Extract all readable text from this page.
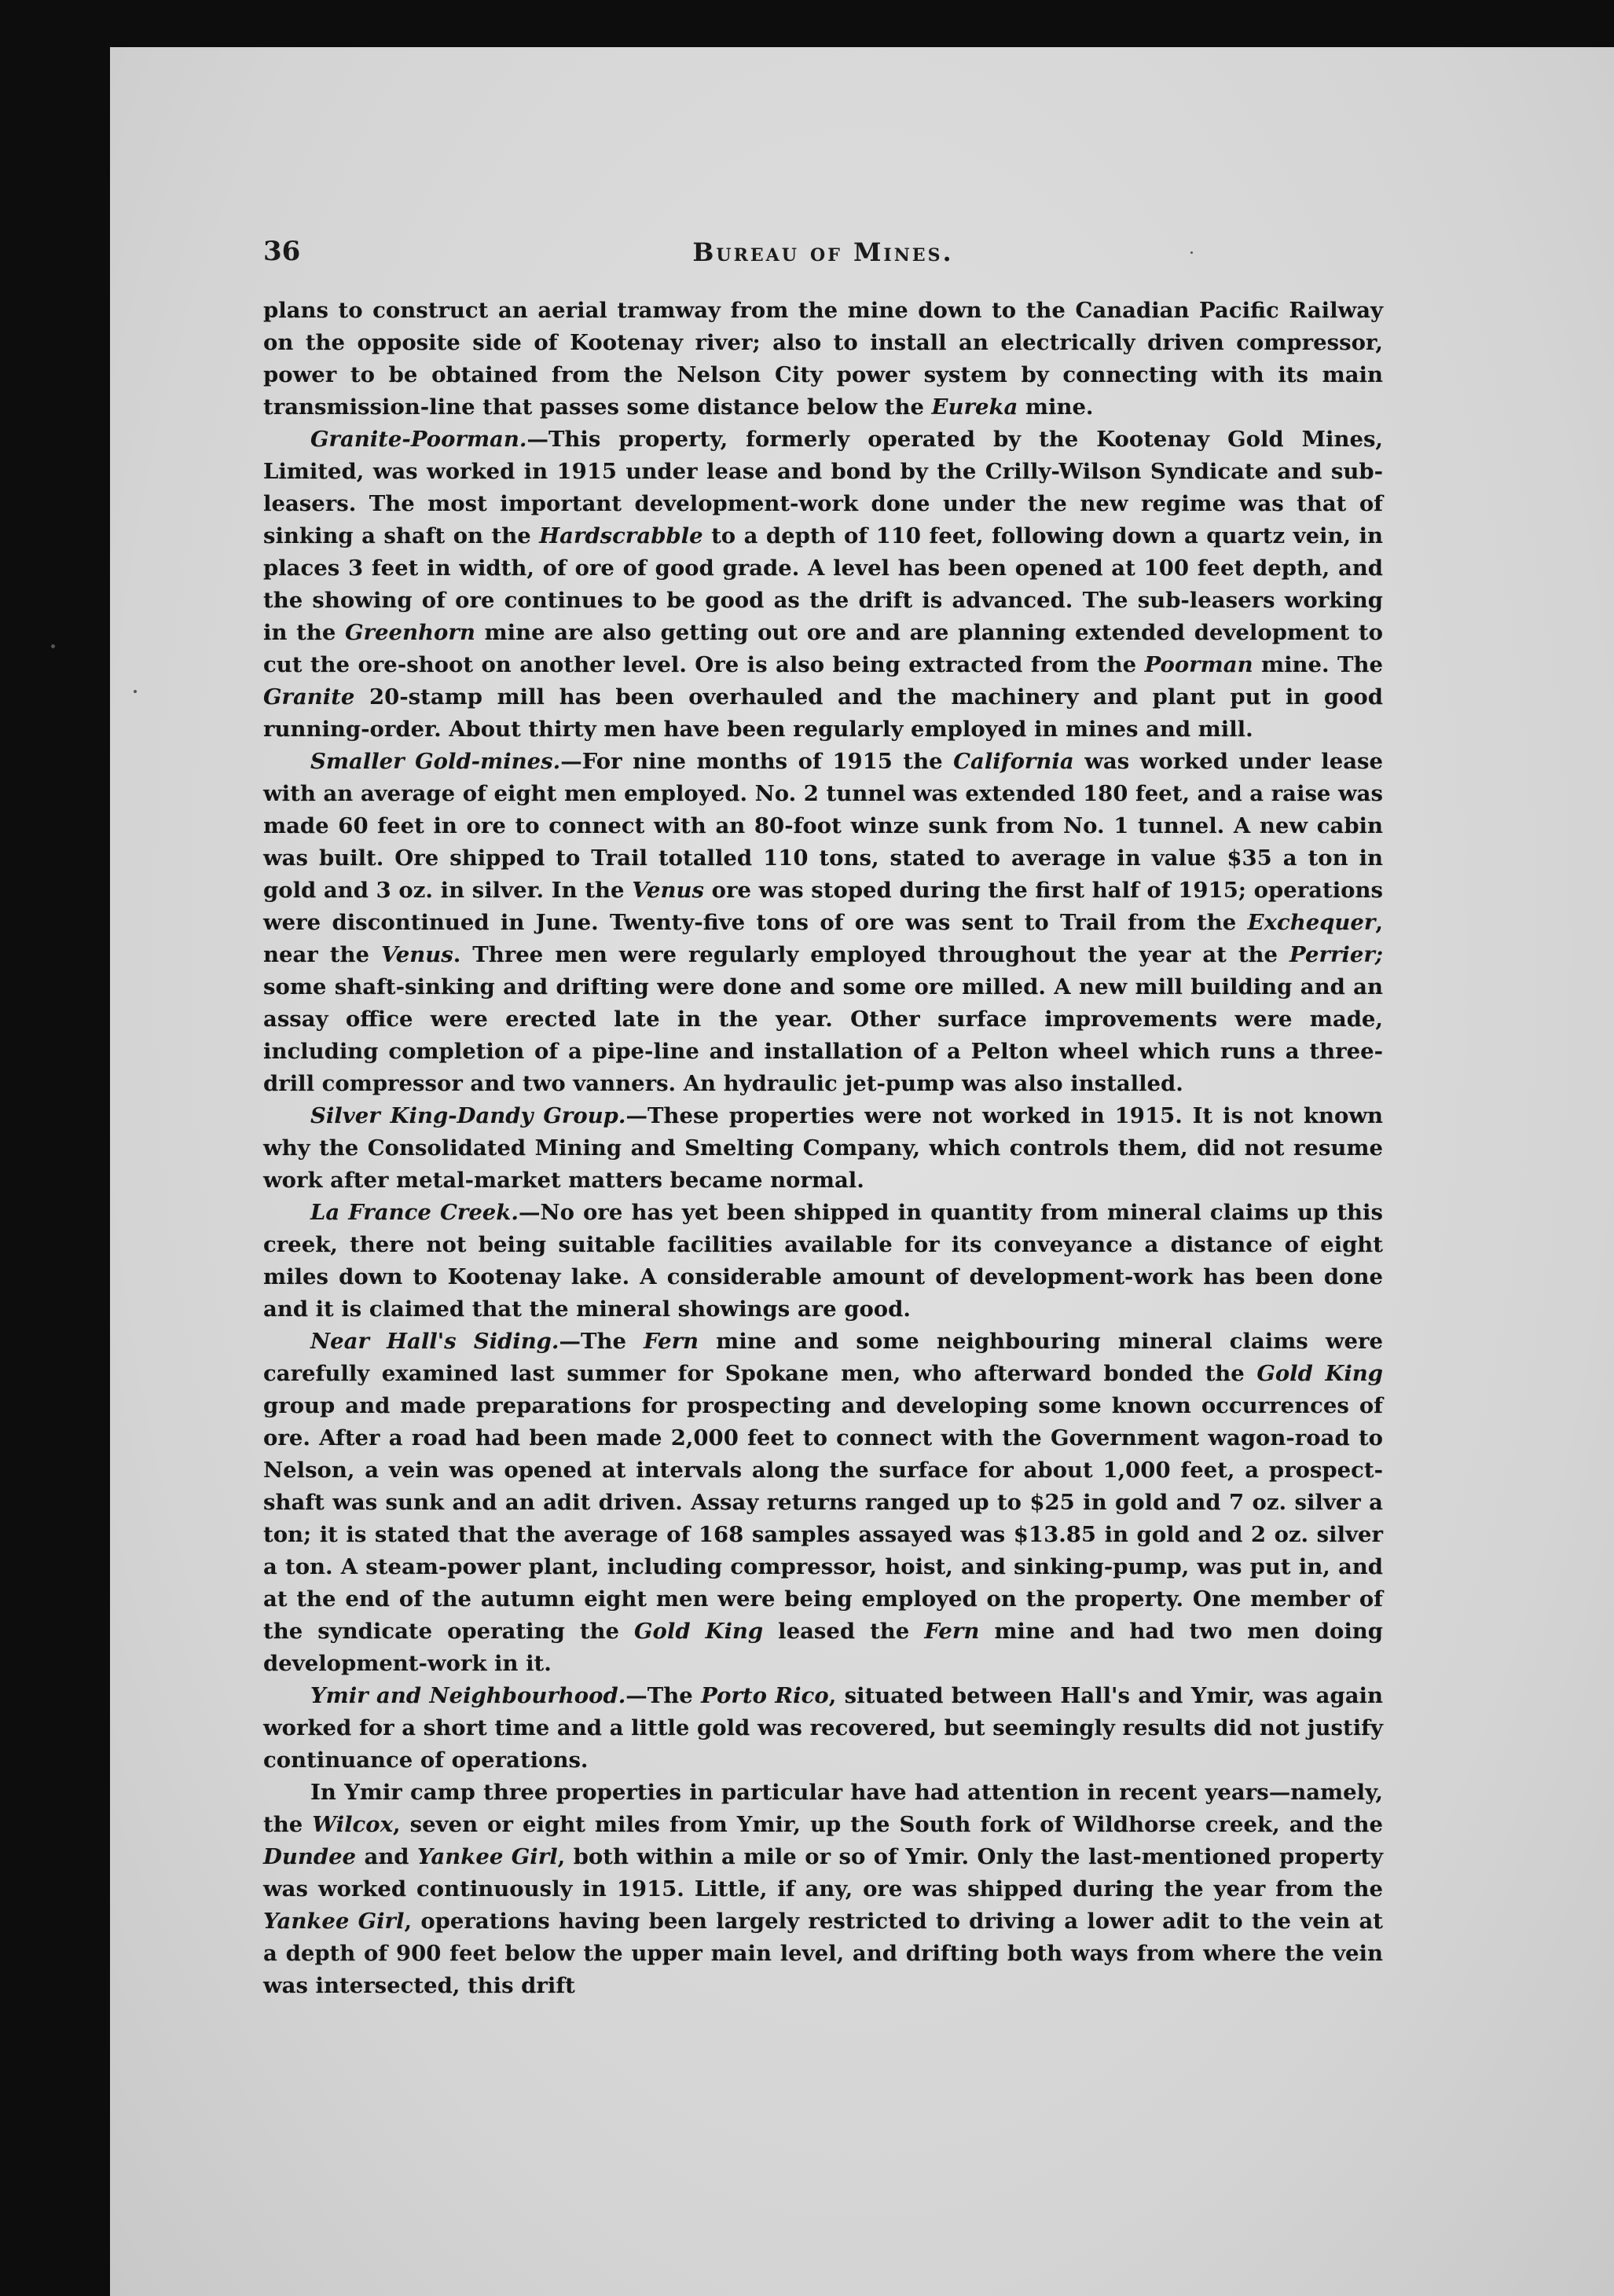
36	Bureau of Mines.

plans to construct an aerial tramway from the mine down to the Canadian Pacific Railway on the opposite side of Kootenay river; also to install an electrically driven compressor, power to be obtained from the Nelson City power system by connecting with its main transmission-line that passes some distance below the Eureka mine.

Granite-Poorman.—This property, formerly operated by the Kootenay Gold Mines, Limited, was worked in 1915 under lease and bond by the Crilly-Wilson Syndicate and sub-leasers. The most important development-work done under the new regime was that of sinking a shaft on the Hardscrabble to a depth of 110 feet, following down a quartz vein, in places 3 feet in width, of ore of good grade. A level has been opened at 100 feet depth, and the showing of ore continues to be good as the drift is advanced. The sub-leasers working in the Greenhorn mine are also getting out ore and are planning extended development to cut the ore-shoot on another level. Ore is also being extracted from the Poorman mine. The Granite 20-stamp mill has been overhauled and the machinery and plant put in good running-order. About thirty men have been regularly employed in mines and mill.

Smaller Gold-mines.—For nine months of 1915 the California was worked under lease with an average of eight men employed. No. 2 tunnel was extended 180 feet, and a raise was made 60 feet in ore to connect with an 80-foot winze sunk from No. 1 tunnel. A new cabin was built. Ore shipped to Trail totalled 110 tons, stated to average in value $35 a ton in gold and 3 oz. in silver. In the Venus ore was stoped during the first half of 1915; operations were discontinued in June. Twenty-five tons of ore was sent to Trail from the Exchequer, near the Venus. Three men were regularly employed throughout the year at the Perrier; some shaft-sinking and drifting were done and some ore milled. A new mill building and an assay office were erected late in the year. Other surface improvements were made, including completion of a pipe-line and installation of a Pelton wheel which runs a three-drill compressor and two vanners. An hydraulic jet-pump was also installed.

Silver King-Dandy Group.—These properties were not worked in 1915. It is not known why the Consolidated Mining and Smelting Company, which controls them, did not resume work after metal-market matters became normal.

La France Creek.—No ore has yet been shipped in quantity from mineral claims up this creek, there not being suitable facilities available for its conveyance a distance of eight miles down to Kootenay lake. A considerable amount of development-work has been done and it is claimed that the mineral showings are good.

Near Hall's Siding.—The Fern mine and some neighbouring mineral claims were carefully examined last summer for Spokane men, who afterward bonded the Gold King group and made preparations for prospecting and developing some known occurrences of ore. After a road had been made 2,000 feet to connect with the Government wagon-road to Nelson, a vein was opened at intervals along the surface for about 1,000 feet, a prospect-shaft was sunk and an adit driven. Assay returns ranged up to $25 in gold and 7 oz. silver a ton; it is stated that the average of 168 samples assayed was $13.85 in gold and 2 oz. silver a ton. A steam-power plant, including compressor, hoist, and sinking-pump, was put in, and at the end of the autumn eight men were being employed on the property. One member of the syndicate operating the Gold King leased the Fern mine and had two men doing development-work in it.

Ymir and Neighbourhood.—The Porto Rico, situated between Hall's and Ymir, was again worked for a short time and a little gold was recovered, but seemingly results did not justify continuance of operations.

In Ymir camp three properties in particular have had attention in recent years—namely, the Wilcox, seven or eight miles from Ymir, up the South fork of Wildhorse creek, and the Dundee and Yankee Girl, both within a mile or so of Ymir. Only the last-mentioned property was worked continuously in 1915. Little, if any, ore was shipped during the year from the Yankee Girl, operations having been largely restricted to driving a lower adit to the vein at a depth of 900 feet below the upper main level, and drifting both ways from where the vein was intersected, this drift
